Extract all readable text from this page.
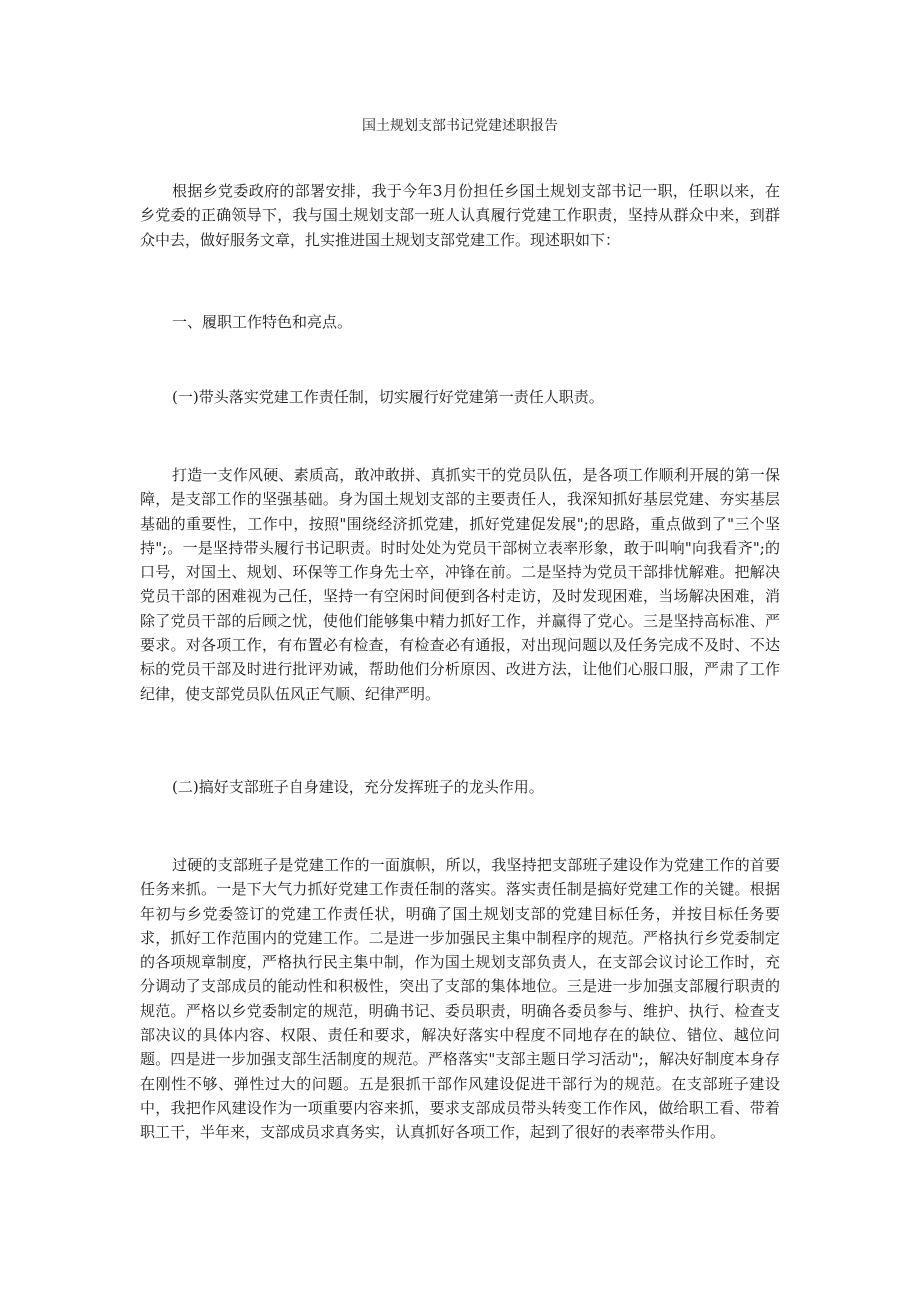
国土规划支部书记党建述职报告

根据乡党委政府的部署安排，我于今年3月份担任乡国土规划支部书记一职，任职以来，在乡党委的正确领导下，我与国土规划支部一班人认真履行党建工作职责，坚持从群众中来，到群众中去，做好服务文章，扎实推进国土规划支部党建工作。现述职如下：

一、履职工作特色和亮点。
(一)带头落实党建工作责任制，切实履行好党建第一责任人职责。

打造一支作风硬、素质高，敢冲敢拼、真抓实干的党员队伍，是各项工作顺利开展的第一保障，是支部工作的坚强基础。身为国土规划支部的主要责任人，我深知抓好基层党建、夯实基层基础的重要性，工作中，按照"围绕经济抓党建，抓好党建促发展";的思路，重点做到了"三个坚持";。一是坚持带头履行书记职责。时时处处为党员干部树立表率形象，敢于叫响"向我看齐";的口号，对国土、规划、环保等工作身先士卒，冲锋在前。二是坚持为党员干部排忧解难。把解决党员干部的困难视为己任，坚持一有空闲时间便到各村走访，及时发现困难，当场解决困难，消除了党员干部的后顾之忧，使他们能够集中精力抓好工作，并赢得了党心。三是坚持高标准、严要求。对各项工作，有布置必有检查，有检查必有通报，对出现问题以及任务完成不及时、不达标的党员干部及时进行批评劝诫，帮助他们分析原因、改进方法，让他们心服口服，严肃了工作纪律，使支部党员队伍风正气顺、纪律严明。

(二)搞好支部班子自身建设，充分发挥班子的龙头作用。

过硬的支部班子是党建工作的一面旗帜，所以，我坚持把支部班子建设作为党建工作的首要任务来抓。一是下大气力抓好党建工作责任制的落实。落实责任制是搞好党建工作的关键。根据年初与乡党委签订的党建工作责任状，明确了国土规划支部的党建目标任务，并按目标任务要求，抓好工作范围内的党建工作。二是进一步加强民主集中制程序的规范。严格执行乡党委制定的各项规章制度，严格执行民主集中制，作为国土规划支部负责人，在支部会议讨论工作时，充分调动了支部成员的能动性和积极性，突出了支部的集体地位。三是进一步加强支部履行职责的规范。严格以乡党委制定的规范，明确书记、委员职责，明确各委员参与、维护、执行、检查支部决议的具体内容、权限、责任和要求，解决好落实中程度不同地存在的缺位、错位、越位问题。四是进一步加强支部生活制度的规范。严格落实"支部主题日学习活动";，解决好制度本身存在刚性不够、弹性过大的问题。五是狠抓干部作风建设促进干部行为的规范。在支部班子建设中，我把作风建设作为一项重要内容来抓，要求支部成员带头转变工作作风，做给职工看、带着职工干，半年来，支部成员求真务实，认真抓好各项工作，起到了很好的表率带头作用。
